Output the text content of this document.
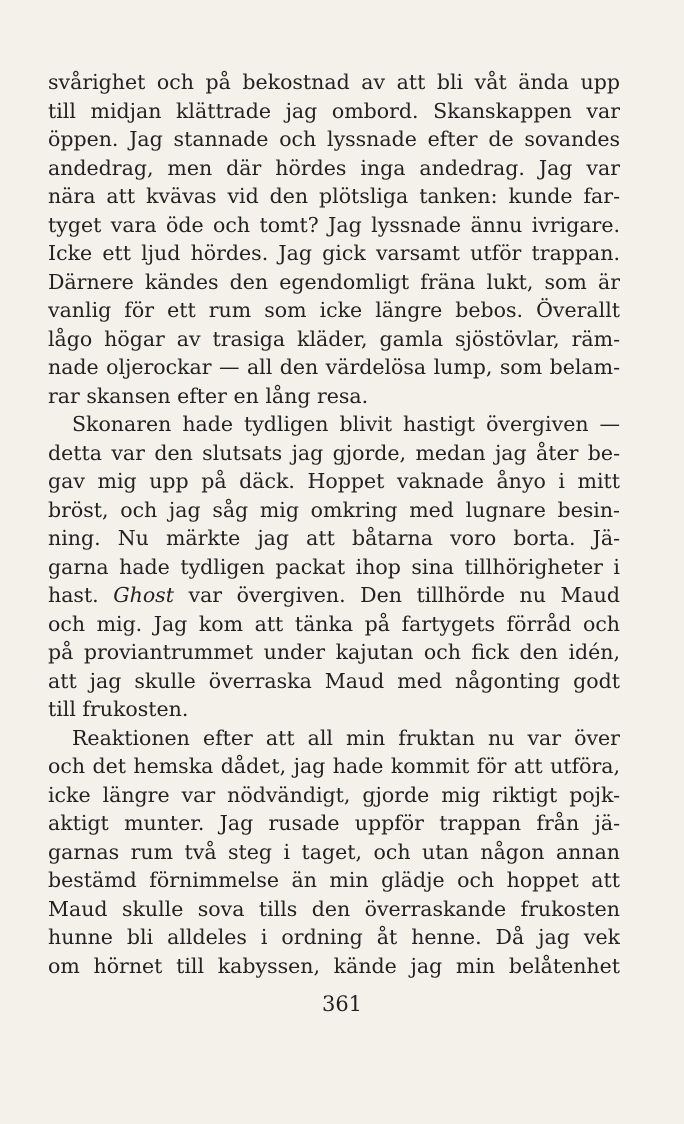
svårighet och på bekostnad av att bli våt ända upp
till midjan klättrade jag ombord. Skanskappen var
öppen. Jag stannade och lyssnade efter de sovandes
andedrag, men där hördes inga andedrag. Jag var
nära att kvävas vid den plötsliga tanken: kunde far-
tyget vara öde och tomt? Jag lyssnade ännu ivrigare.
Icke ett ljud hördes. Jag gick varsamt utför trappan.
Därnere kändes den egendomligt fräna lukt, som är
vanlig för ett rum som icke längre bebos. Överallt
lågo högar av trasiga kläder, gamla sjöstövlar, räm-
nade oljerockar — all den värdelösa lump, som belam-
rar skansen efter en lång resa.
Skonaren hade tydligen blivit hastigt övergiven —
detta var den slutsats jag gjorde, medan jag åter be-
gav mig upp på däck. Hoppet vaknade ånyo i mitt
bröst, och jag såg mig omkring med lugnare besin-
ning. Nu märkte jag att båtarna voro borta. Jä-
garna hade tydligen packat ihop sina tillhörigheter i
hast. Ghost var övergiven. Den tillhörde nu Maud
och mig. Jag kom att tänka på fartygets förråd och
på proviantrummet under kajutan och fick den idén,
att jag skulle överraska Maud med någonting godt
till frukosten.
Reaktionen efter att all min fruktan nu var över
och det hemska dådet, jag hade kommit för att utföra,
icke längre var nödvändigt, gjorde mig riktigt pojk-
aktigt munter. Jag rusade uppför trappan från jä-
garnas rum två steg i taget, och utan någon annan
bestämd förnimmelse än min glädje och hoppet att
Maud skulle sova tills den överraskande frukosten
hunne bli alldeles i ordning åt henne. Då jag vek
om hörnet till kabyssen, kände jag min belåtenhet
361
